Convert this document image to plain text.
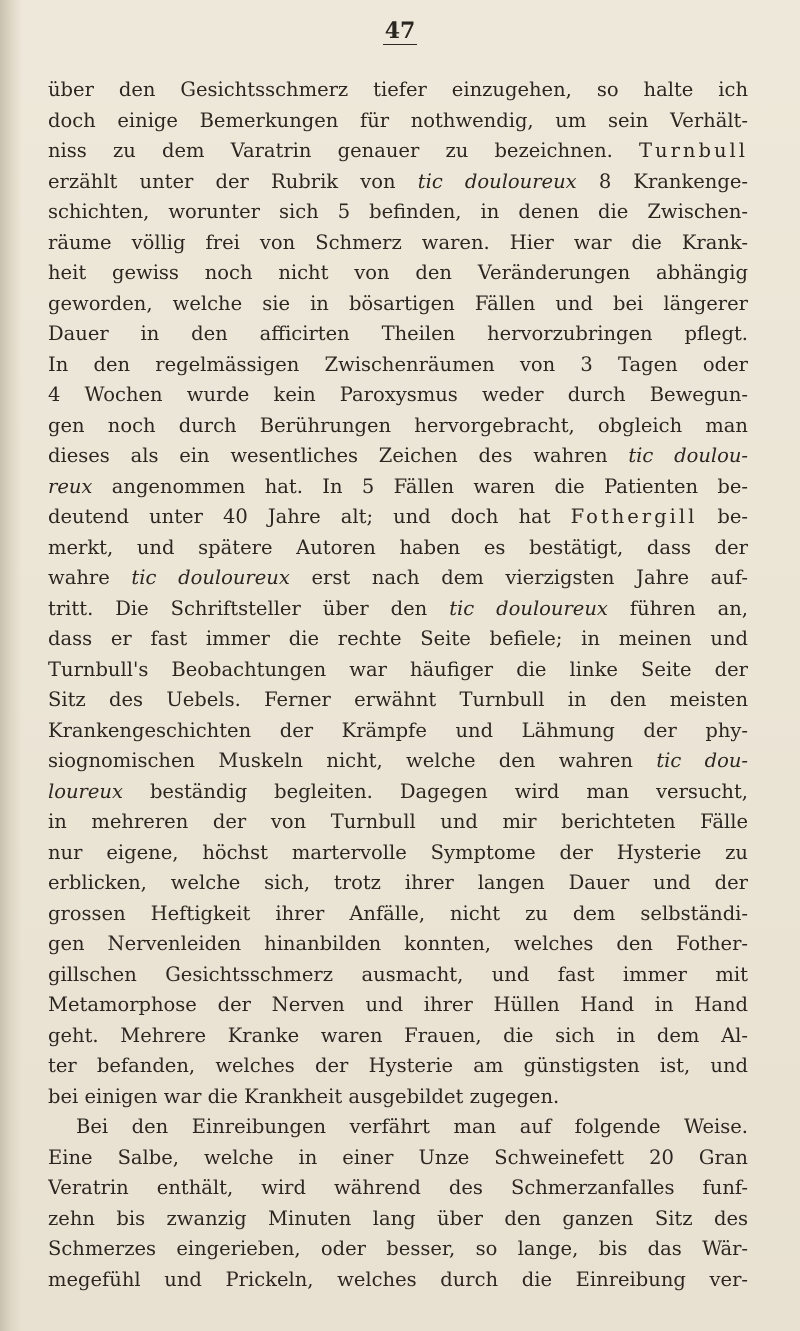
47
über den Gesichtsschmerz tiefer einzugehen, so halte ich
doch einige Bemerkungen für nothwendig, um sein Verhält-
niss zu dem Varatrin genauer zu bezeichnen. Turnbull
erzählt unter der Rubrik von tic douloureux 8 Krankenge-
schichten, worunter sich 5 befinden, in denen die Zwischen-
räume völlig frei von Schmerz waren. Hier war die Krank-
heit gewiss noch nicht von den Veränderungen abhängig
geworden, welche sie in bösartigen Fällen und bei längerer
Dauer in den afficirten Theilen hervorzubringen pflegt.
In den regelmässigen Zwischenräumen von 3 Tagen oder
4 Wochen wurde kein Paroxysmus weder durch Bewegun-
gen noch durch Berührungen hervorgebracht, obgleich man
dieses als ein wesentliches Zeichen des wahren tic doulou-
reux angenommen hat. In 5 Fällen waren die Patienten be-
deutend unter 40 Jahre alt; und doch hat Fothergill be-
merkt, und spätere Autoren haben es bestätigt, dass der
wahre tic douloureux erst nach dem vierzigsten Jahre auf-
tritt. Die Schriftsteller über den tic douloureux führen an,
dass er fast immer die rechte Seite befiele; in meinen und
Turnbull's Beobachtungen war häufiger die linke Seite der
Sitz des Uebels. Ferner erwähnt Turnbull in den meisten
Krankengeschichten der Krämpfe und Lähmung der phy-
siognomischen Muskeln nicht, welche den wahren tic dou-
loureux beständig begleiten. Dagegen wird man versucht,
in mehreren der von Turnbull und mir berichteten Fälle
nur eigene, höchst martervolle Symptome der Hysterie zu
erblicken, welche sich, trotz ihrer langen Dauer und der
grossen Heftigkeit ihrer Anfälle, nicht zu dem selbständi-
gen Nervenleiden hinanbilden konnten, welches den Fother-
gillschen Gesichtsschmerz ausmacht, und fast immer mit
Metamorphose der Nerven und ihrer Hüllen Hand in Hand
geht. Mehrere Kranke waren Frauen, die sich in dem Al-
ter befanden, welches der Hysterie am günstigsten ist, und
bei einigen war die Krankheit ausgebildet zugegen.
Bei den Einreibungen verfährt man auf folgende Weise.
Eine Salbe, welche in einer Unze Schweinefett 20 Gran
Veratrin enthält, wird während des Schmerzanfalles funf-
zehn bis zwanzig Minuten lang über den ganzen Sitz des
Schmerzes eingerieben, oder besser, so lange, bis das Wär-
megefühl und Prickeln, welches durch die Einreibung ver-
